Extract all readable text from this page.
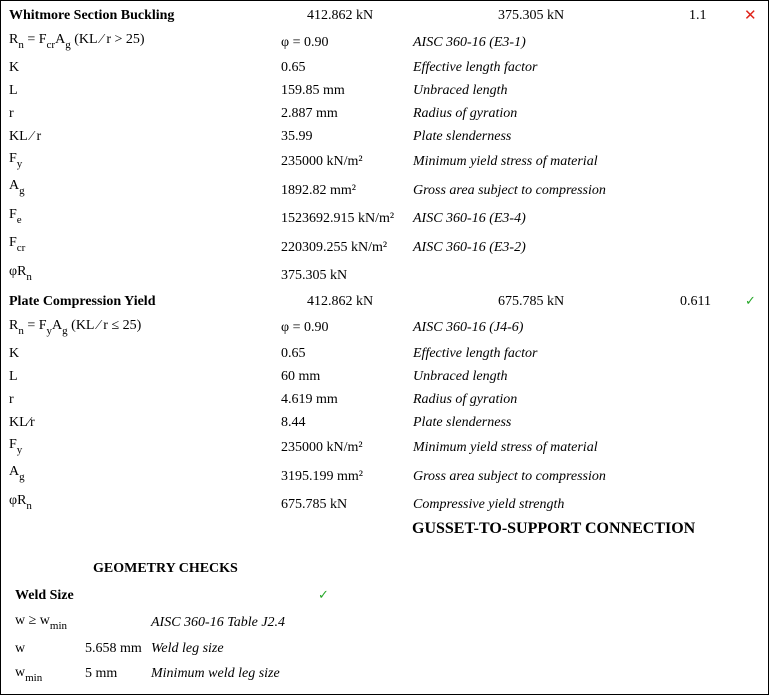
Whitmore Section Buckling	412.862 kN	375.305 kN	1.1	✕
$R_n = F_{cr}A_g$ (KL ⁄ r > 25)	φ = 0.90	AISC 360-16 (E3-1)
K	0.65	Effective length factor
L	159.85 mm	Unbraced length
r	2.887 mm	Radius of gyration
KL ⁄ r	35.99	Plate slenderness
$F_y$	235000 kN/m²	Minimum yield stress of material
$A_g$	1892.82 mm²	Gross area subject to compression
$F_e$	1523692.915 kN/m² AISC 360-16 (E3-4)
$F_{cr}$	220309.255 kN/m² AISC 360-16 (E3-2)
$\varphi R_n$	375.305 kN
Plate Compression Yield	412.862 kN	675.785 kN	0.611	✓
$R_n = F_yA_g$ (KL ⁄ r ≤ 25)	φ = 0.90	AISC 360-16 (J4-6)
K	0.65	Effective length factor
L	60 mm	Unbraced length
r	4.619 mm	Radius of gyration
KL⁄r	8.44	Plate slenderness
$F_y$	235000 kN/m²	Minimum yield stress of material
$A_g$	3195.199 mm²	Gross area subject to compression
$\varphi R_n$	675.785 kN	Compressive yield strength
GUSSET-TO-SUPPORT CONNECTION
GEOMETRY CHECKS
Weld Size	✓
$w \ge w_{min}$	AISC 360-16 Table J2.4
w	5.658 mm Weld leg size
$w_{min}$	5 mm Minimum weld leg size
